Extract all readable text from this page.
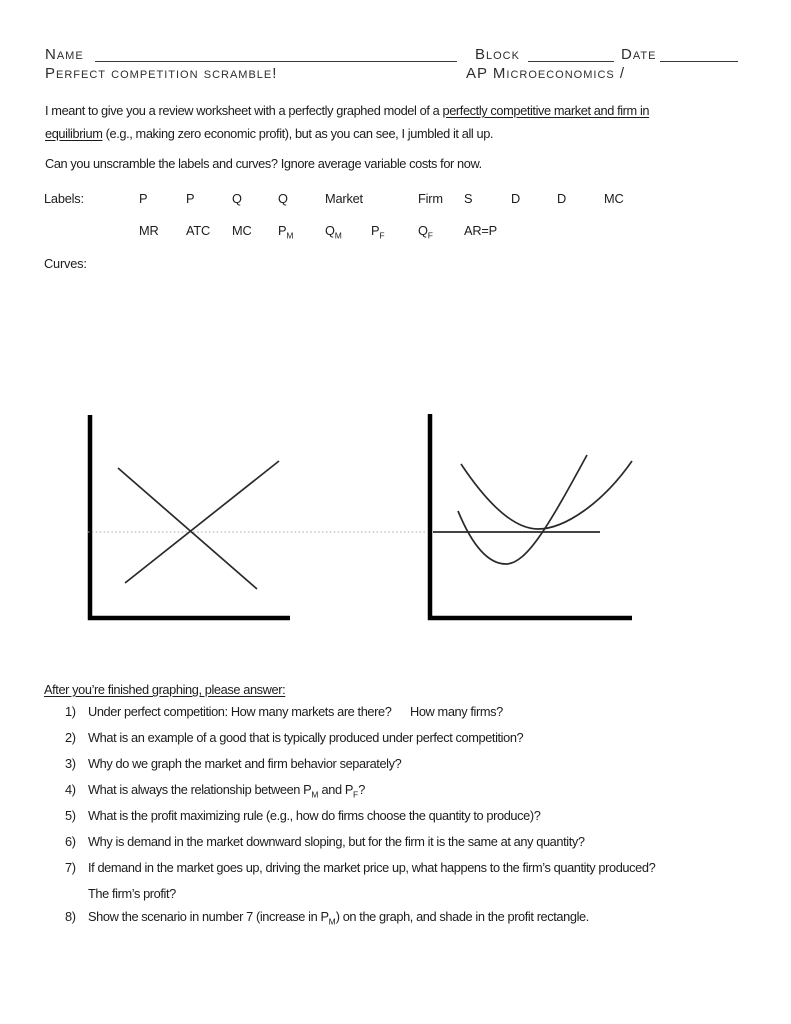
Name	Block	Date
Perfect competition scramble!	AP Microeconomics /
I meant to give you a review worksheet with a perfectly graphed model of a perfectly competitive market and firm in
equilibrium (e.g., making zero economic profit), but as you can see, I jumbled it all up.
Can you unscramble the labels and curves? Ignore average variable costs for now.
Labels:	P	P	Q	Q	Market	Firm S	D	D	MC
MR ATC MC $P_M$ $Q_M$ $P_F$	$Q_F$ AR=P
Curves:
After you’re finished graphing, please answer:
1) Under perfect competition: How many markets are there? How many firms?
2) What is an example of a good that is typically produced under perfect competition?
3) Why do we graph the market and firm behavior separately?
4) What is always the relationship between $P_M$ and $P_F$?
5) What is the profit maximizing rule (e.g., how do firms choose the quantity to produce)?
6) Why is demand in the market downward sloping, but for the firm it is the same at any quantity?
7) If demand in the market goes up, driving the market price up, what happens to the firm’s quantity produced?
The firm’s profit?
8) Show the scenario in number 7 (increase in $P_M$) on the graph, and shade in the profit rectangle.
